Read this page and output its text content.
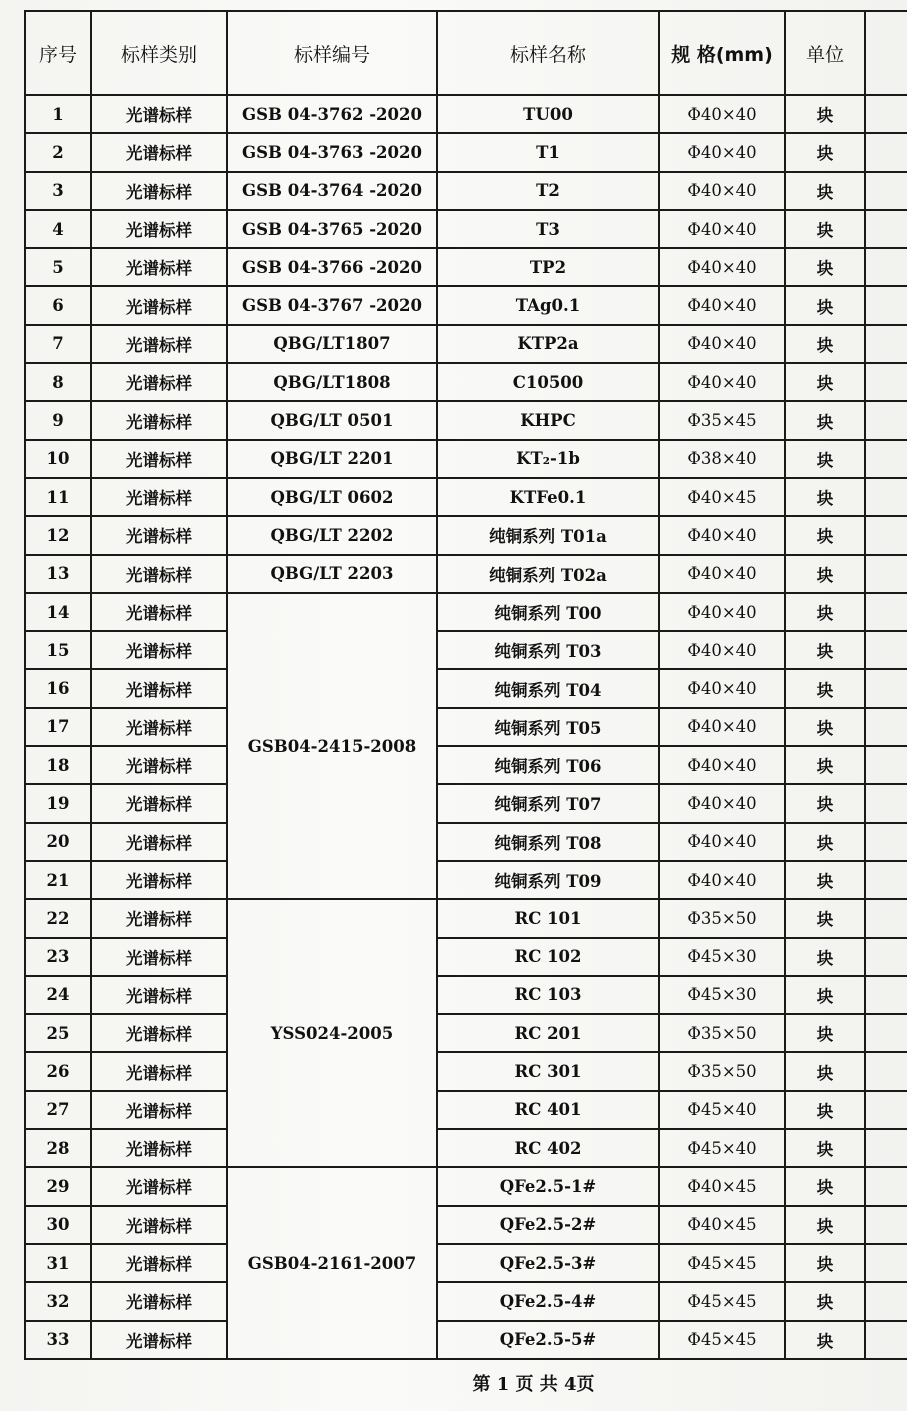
序号	标样类别	标样编号	标样名称	规 格(mm)	单位	
1	光谱标样	GSB 04-3762 -2020	TU00	Φ40×40	块	
2	光谱标样	GSB 04-3763 -2020	T1	Φ40×40	块	
3	光谱标样	GSB 04-3764 -2020	T2	Φ40×40	块	
4	光谱标样	GSB 04-3765 -2020	T3	Φ40×40	块	
5	光谱标样	GSB 04-3766 -2020	TP2	Φ40×40	块	
6	光谱标样	GSB 04-3767 -2020	TAg0.1	Φ40×40	块	
7	光谱标样	QBG/LT1807	KTP2a	Φ40×40	块	
8	光谱标样	QBG/LT1808	C10500	Φ40×40	块	
9	光谱标样	QBG/LT 0501	KHPC	Φ35×45	块	
10	光谱标样	QBG/LT 2201	KT₂-1b	Φ38×40	块	
11	光谱标样	QBG/LT 0602	KTFe0.1	Φ40×45	块	
12	光谱标样	QBG/LT 2202	纯铜系列 T01a	Φ40×40	块	
13	光谱标样	QBG/LT 2203	纯铜系列 T02a	Φ40×40	块	
14	光谱标样	GSB04-2415-2008	纯铜系列 T00	Φ40×40	块	
15	光谱标样		纯铜系列 T03	Φ40×40	块	
16	光谱标样		纯铜系列 T04	Φ40×40	块	
17	光谱标样		纯铜系列 T05	Φ40×40	块	
18	光谱标样		纯铜系列 T06	Φ40×40	块	
19	光谱标样		纯铜系列 T07	Φ40×40	块	
20	光谱标样		纯铜系列 T08	Φ40×40	块	
21	光谱标样		纯铜系列 T09	Φ40×40	块	
22	光谱标样	YSS024-2005	RC 101	Φ35×50	块	
23	光谱标样		RC 102	Φ45×30	块	
24	光谱标样		RC 103	Φ45×30	块	
25	光谱标样		RC 201	Φ35×50	块	
26	光谱标样		RC 301	Φ35×50	块	
27	光谱标样		RC 401	Φ45×40	块	
28	光谱标样		RC 402	Φ45×40	块	
29	光谱标样	GSB04-2161-2007	QFe2.5-1#	Φ40×45	块	
30	光谱标样		QFe2.5-2#	Φ40×45	块	
31	光谱标样		QFe2.5-3#	Φ45×45	块	
32	光谱标样		QFe2.5-4#	Φ45×45	块	
33	光谱标样		QFe2.5-5#	Φ45×45	块	
第 1 页 共 4页
